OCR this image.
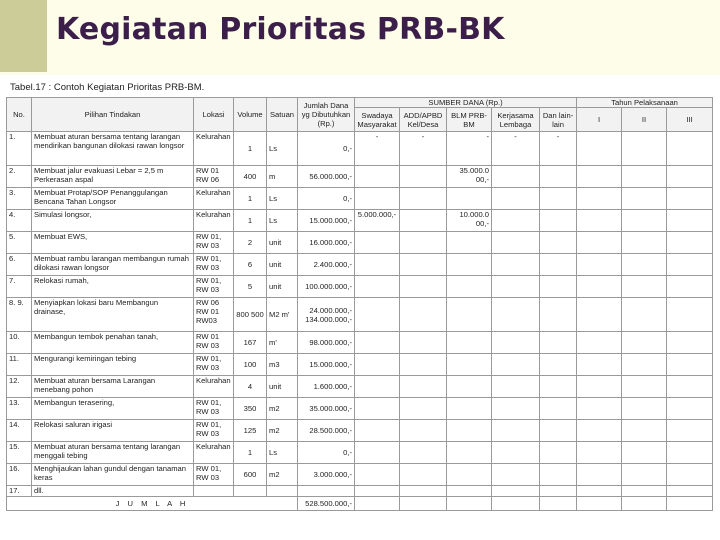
Kegiatan Prioritas PRB-BK
Tabel.17 : Contoh Kegiatan Prioritas PRB-BM.
No.	Pilihan Tindakan	Lokasi	Volume	Satuan	Jumlah Dana yg Dibutuhkan (Rp.)	SUMBER DANA (Rp.)					Tahun Pelaksanaan		
						Swadaya Masyarakat	ADD/APBD Kel/Desa	BLM PRB-BM	Kerjasama Lembaga	Dan lain-lain	I	II	III
1.	Membuat aturan bersama tentang larangan mendirikan bangunan dilokasi rawan longsor	Kelurahan	1	Ls	0,-	-	-	-	-	-			
2.	Membuat jalur evakuasi Lebar = 2,5 m Perkerasan aspal	RW 01 RW 06	400	m	56.000.000,-			35.000.0 00,-					
3.	Membuat Protap/SOP Penanggulangan Bencana Tahan Longsor	Kelurahan	1	Ls	0,-								
4.	Simulasi longsor,	Kelurahan	1	Ls	15.000.000,-	5.000.000,-		10.000.0 00,-					
5.	Membuat EWS,	RW 01, RW 03	2	unit	16.000.000,-								
6.	Membuat rambu larangan membangun rumah dilokasi rawan longsor	RW 01, RW 03	6	unit	2.400.000,-								
7.	Relokasi rumah,	RW 01, RW 03	5	unit	100.000.000,-								
8. 9.	Menyiapkan lokasi baru Membangun drainase,	RW 06 RW 01 RW03	800 500	M2 m'	24.000.000,- 134.000.000,-								
10.	Membangun tembok penahan tanah,	RW 01 RW 03	167	m'	98.000.000,-								
11.	Mengurangi kemiringan tebing	RW 01, RW 03	100	m3	15.000.000,-								
12.	Membuat aturan bersama Larangan menebang pohon	Kelurahan	4	unit	1.600.000,-								
13.	Membangun terasering,	RW 01, RW 03	350	m2	35.000.000,-								
14.	Relokasi saluran irigasi	RW 01, RW 03	125	m2	28.500.000,-								
15.	Membuat aturan bersama tentang larangan menggali tebing	Kelurahan	1	Ls	0,-								
16.	Menghijaukan lahan gundul dengan tanaman keras	RW 01, RW 03	600	m2	3.000.000,-								
17.	dll.												
J U M L A H					528.500.000,-								
